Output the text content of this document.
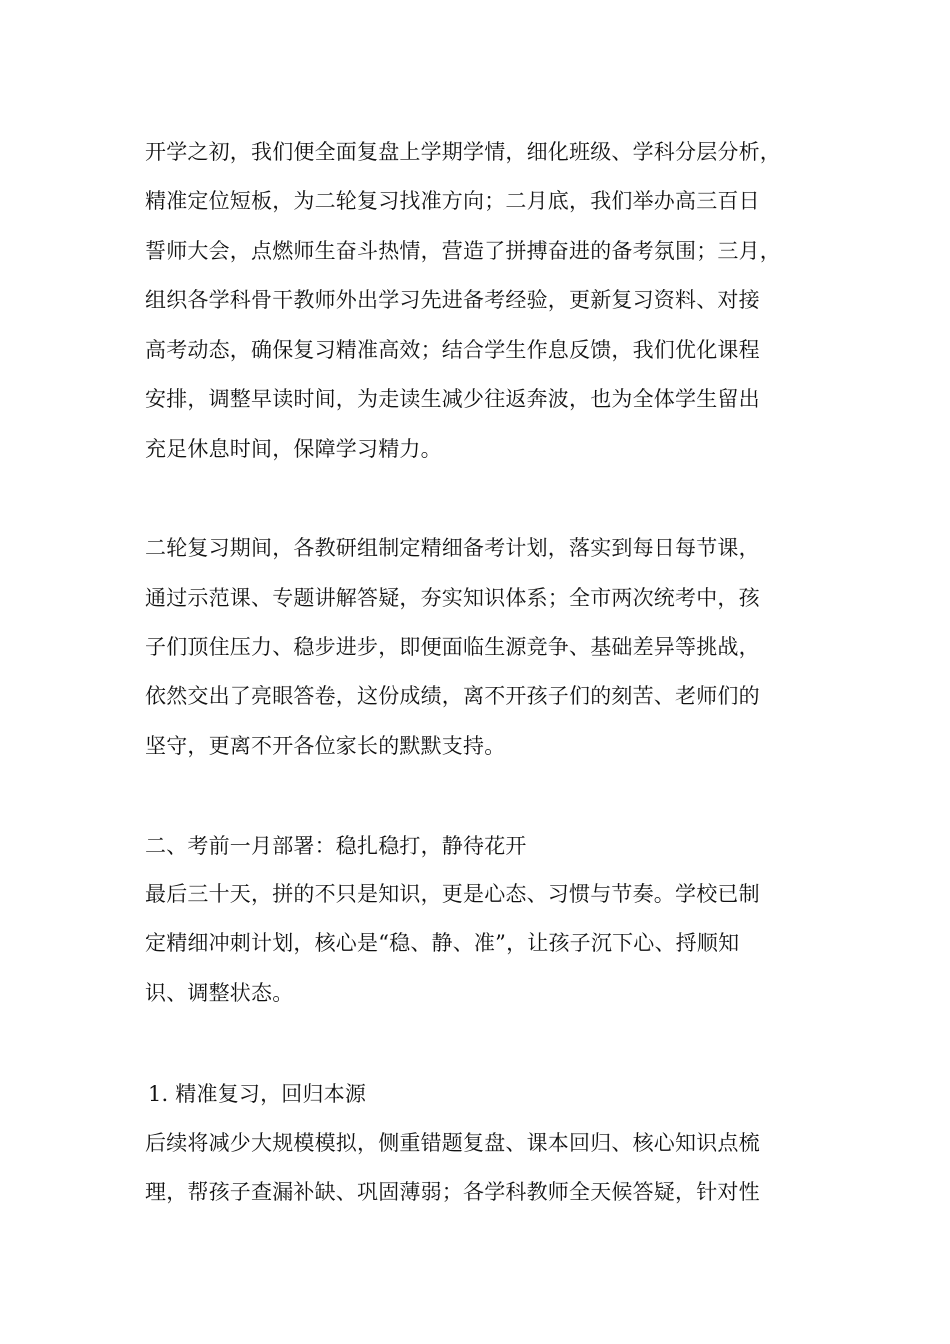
开学之初，我们便全面复盘上学期学情，细化班级、学科分层分析，
精准定位短板，为二轮复习找准方向；二月底，我们举办高三百日
誓师大会，点燃师生奋斗热情，营造了拼搏奋进的备考氛围；三月，
组织各学科骨干教师外出学习先进备考经验，更新复习资料、对接
高考动态，确保复习精准高效；结合学生作息反馈，我们优化课程
安排，调整早读时间，为走读生减少往返奔波，也为全体学生留出
充足休息时间，保障学习精力。
二轮复习期间，各教研组制定精细备考计划，落实到每日每节课，
通过示范课、专题讲解答疑，夯实知识体系；全市两次统考中，孩
子们顶住压力、稳步进步，即便面临生源竞争、基础差异等挑战，
依然交出了亮眼答卷，这份成绩，离不开孩子们的刻苦、老师们的
坚守，更离不开各位家长的默默支持。
二、考前一月部署：稳扎稳打，静待花开
最后三十天，拼的不只是知识，更是心态、习惯与节奏。学校已制
定精细冲刺计划，核心是“稳、静、准”，让孩子沉下心、捋顺知
识、调整状态。
1. 精准复习，回归本源
后续将减少大规模模拟，侧重错题复盘、课本回归、核心知识点梳
理，帮孩子查漏补缺、巩固薄弱；各学科教师全天候答疑，针对性
